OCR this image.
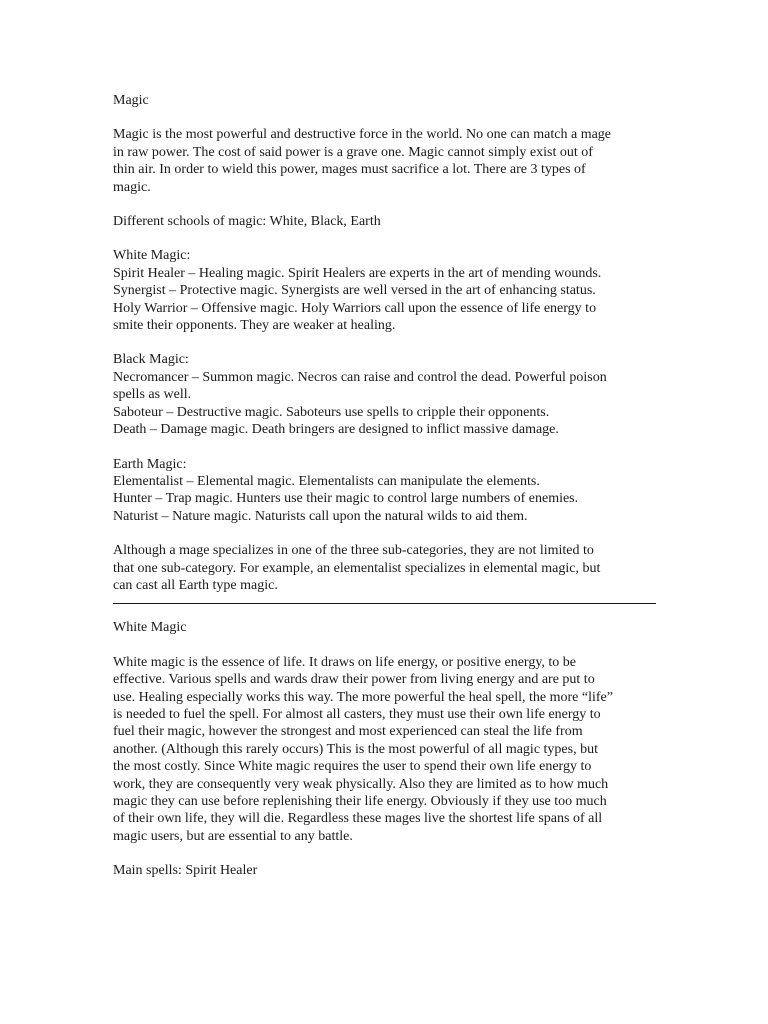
Magic

Magic is the most powerful and destructive force in the world. No one can match a mage
in raw power. The cost of said power is a grave one. Magic cannot simply exist out of
thin air. In order to wield this power, mages must sacrifice a lot. There are 3 types of
magic.

Different schools of magic: White, Black, Earth

White Magic:

Spirit Healer – Healing magic. Spirit Healers are experts in the art of mending wounds.
Synergist – Protective magic. Synergists are well versed in the art of enhancing status.
Holy Warrior – Offensive magic. Holy Warriors call upon the essence of life energy to
smite their opponents. They are weaker at healing.

Black Magic:

Necromancer – Summon magic. Necros can raise and control the dead. Powerful poison
spells as well.
Saboteur – Destructive magic. Saboteurs use spells to cripple their opponents.
Death – Damage magic. Death bringers are designed to inflict massive damage.

Earth Magic:

Elementalist – Elemental magic. Elementalists can manipulate the elements.
Hunter – Trap magic. Hunters use their magic to control large numbers of enemies.
Naturist – Nature magic. Naturists call upon the natural wilds to aid them.

Although a mage specializes in one of the three sub-categories, they are not limited to
that one sub-category. For example, an elementalist specializes in elemental magic, but
can cast all Earth type magic.

White Magic

White magic is the essence of life. It draws on life energy, or positive energy, to be
effective. Various spells and wards draw their power from living energy and are put to
use. Healing especially works this way. The more powerful the heal spell, the more “life”
is needed to fuel the spell. For almost all casters, they must use their own life energy to
fuel their magic, however the strongest and most experienced can steal the life from
another. (Although this rarely occurs) This is the most powerful of all magic types, but
the most costly. Since White magic requires the user to spend their own life energy to
work, they are consequently very weak physically. Also they are limited as to how much
magic they can use before replenishing their life energy. Obviously if they use too much
of their own life, they will die. Regardless these mages live the shortest life spans of all
magic users, but are essential to any battle.

Main spells: Spirit Healer
